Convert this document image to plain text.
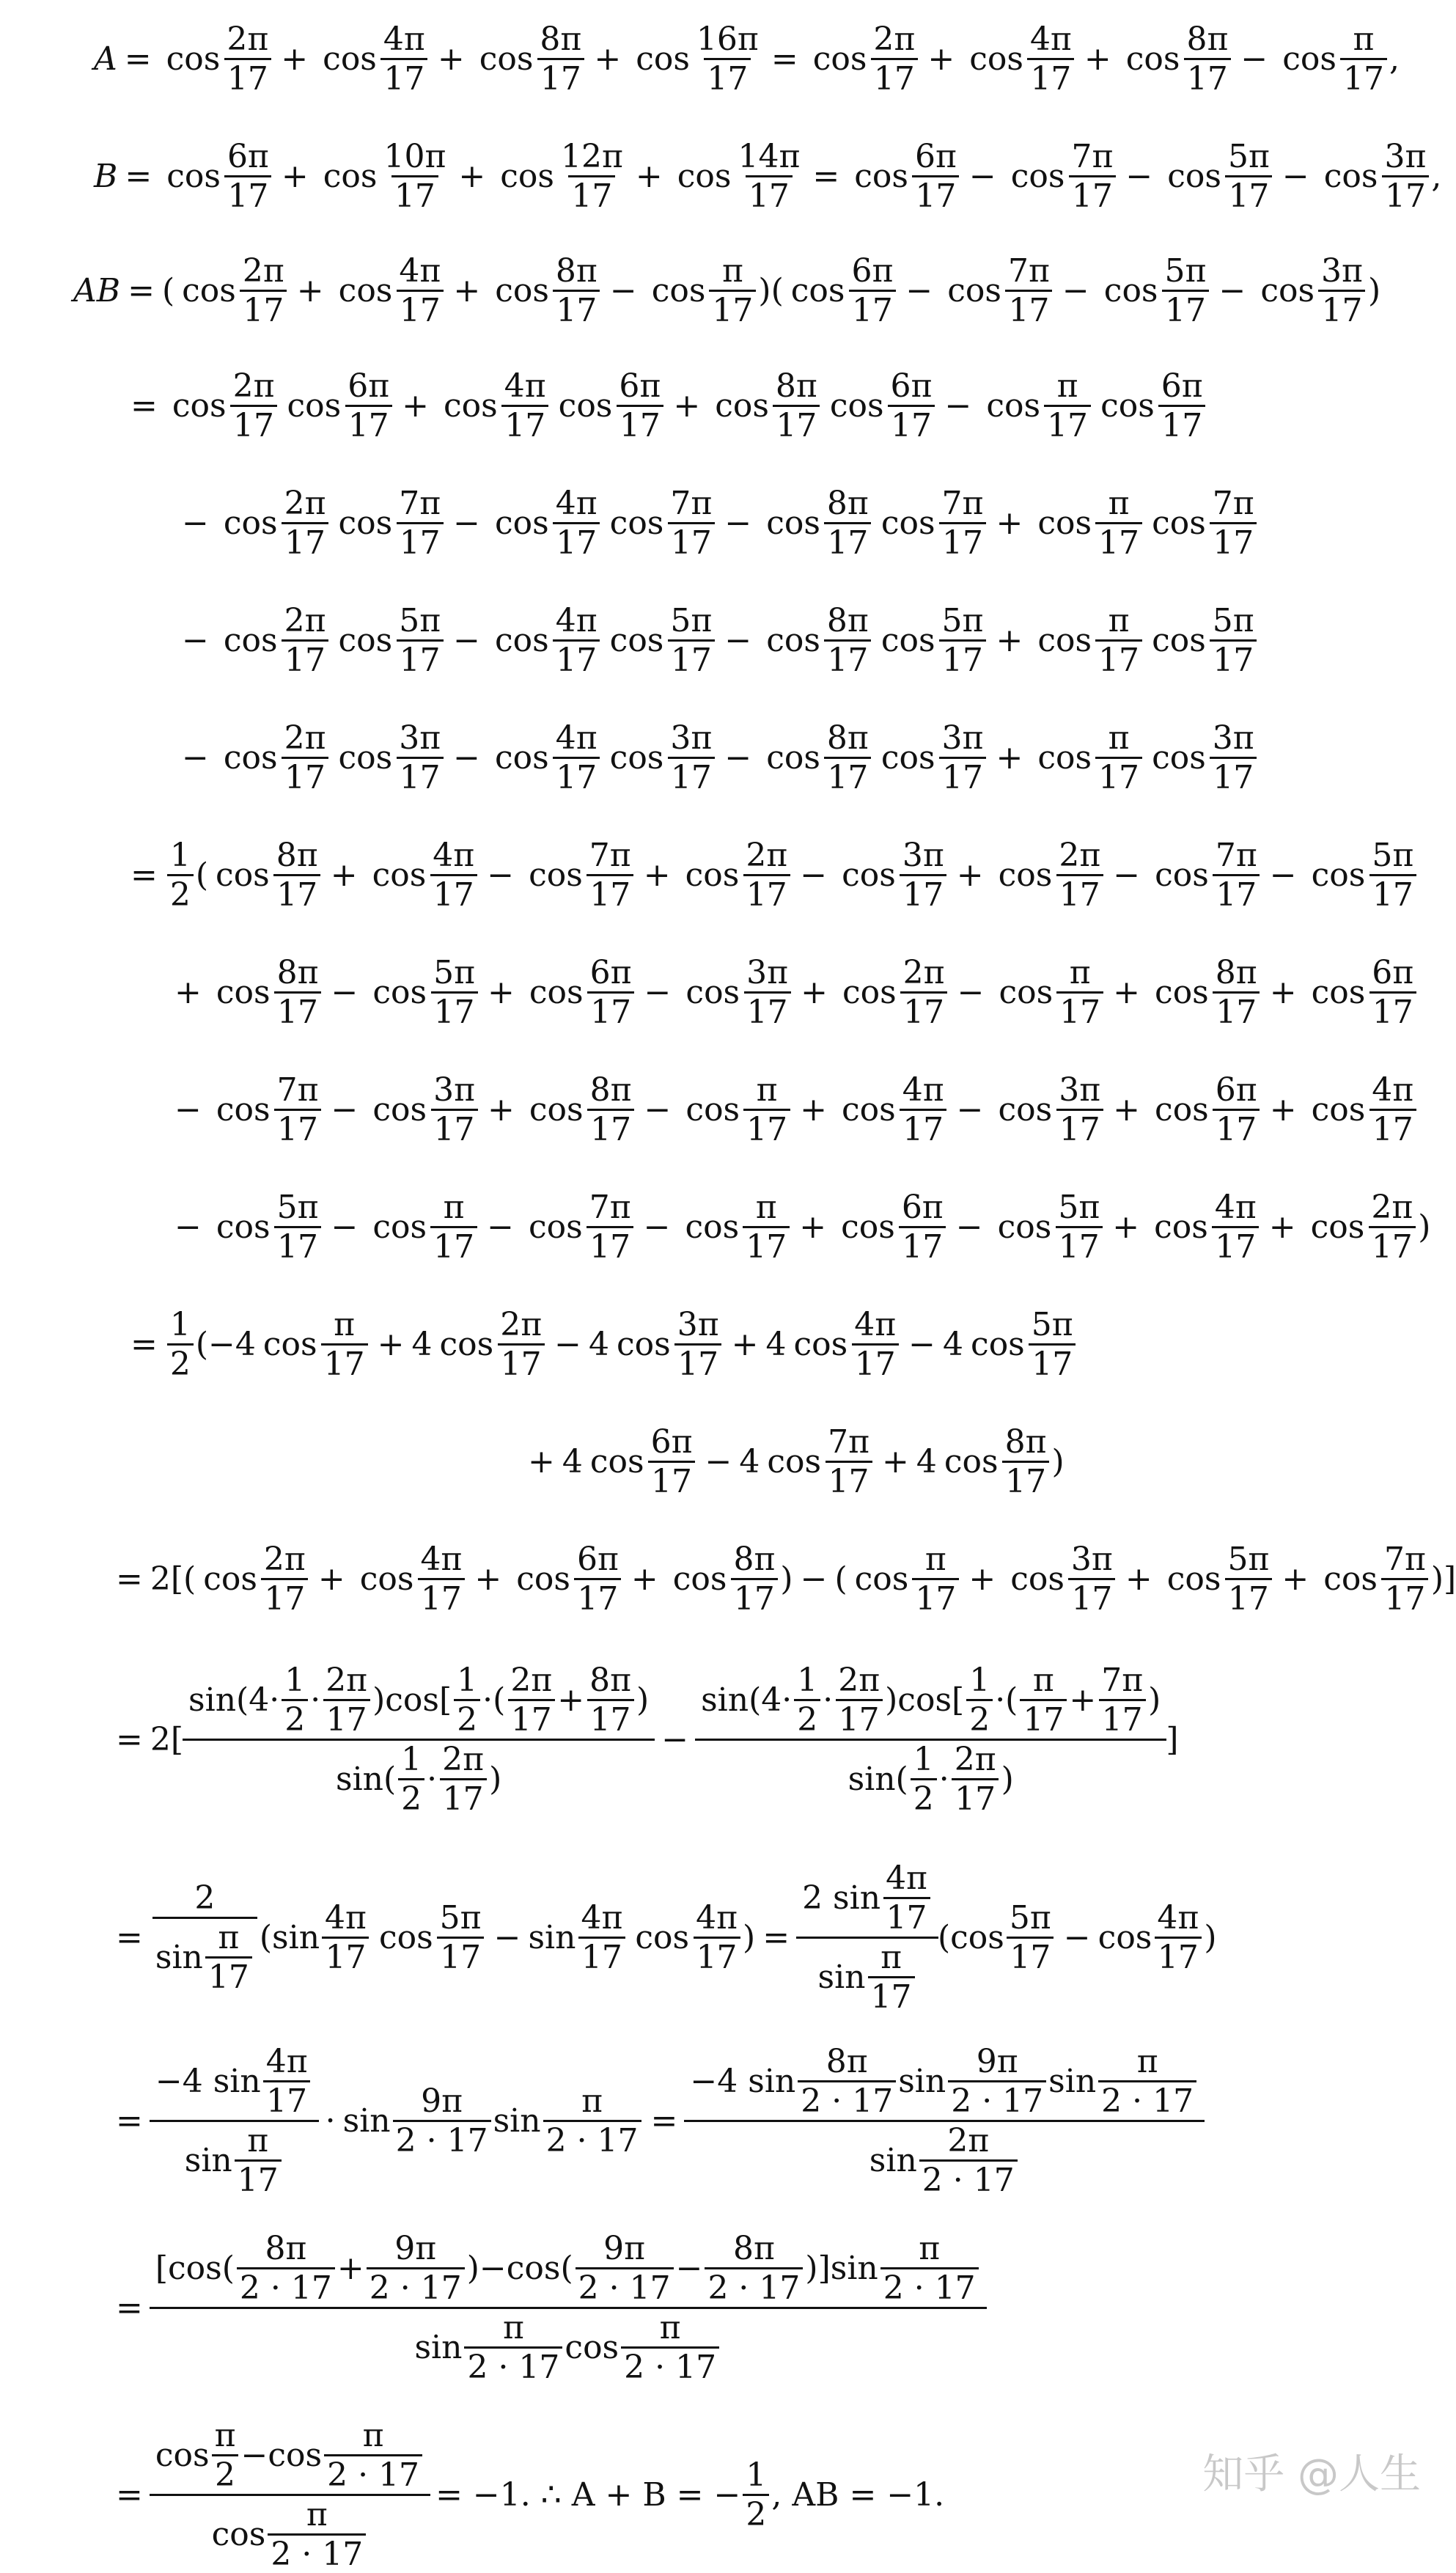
$A = \cos \frac{2\pi}{17} + \cos \frac{4\pi}{17} + \cos \frac{8\pi}{17} + \cos \frac{16\pi}{17} = \cos \frac{2\pi}{17} + \cos \frac{4\pi}{17} + \cos \frac{8\pi}{17} - \cos \frac{\pi}{17}$ ,
$B = \cos \frac{6\pi}{17} + \cos \frac{10\pi}{17} + \cos \frac{12\pi}{17} + \cos \frac{14\pi}{17} = \cos \frac{6\pi}{17} - \cos \frac{7\pi}{17} - \cos \frac{5\pi}{17} - \cos \frac{3\pi}{17}$ ,
AB = ( $\cos \frac{2\pi}{17} + \cos \frac{4\pi}{17} + \cos \frac{8\pi}{17} - \cos \frac{\pi}{17}$ ) ( $\cos \frac{6\pi}{17} - \cos \frac{7\pi}{17} - \cos \frac{5\pi}{17} - \cos \frac{3\pi}{17}$ )
= $\cos \frac{2\pi}{17}$ $\cos \frac{6\pi}{17} + \cos \frac{4\pi}{17}$ $\cos \frac{6\pi}{17} + \cos \frac{8\pi}{17}$ $\cos \frac{6\pi}{17} - \cos \frac{\pi}{17}$ $\cos \frac{6\pi}{17}$
− $\cos \frac{2\pi}{17}$ $\cos \frac{7\pi}{17} - \cos \frac{4\pi}{17}$ $\cos \frac{7\pi}{17} - \cos \frac{8\pi}{17}$ $\cos \frac{7\pi}{17} + \cos \frac{\pi}{17}$ $\cos \frac{7\pi}{17}$
− $\cos \frac{2\pi}{17}$ $\cos \frac{5\pi}{17} - \cos \frac{4\pi}{17}$ $\cos \frac{5\pi}{17} - \cos \frac{8\pi}{17}$ $\cos \frac{5\pi}{17} + \cos \frac{\pi}{17}$ $\cos \frac{5\pi}{17}$
− $\cos \frac{2\pi}{17}$ $\cos \frac{3\pi}{17} - \cos \frac{4\pi}{17}$ $\cos \frac{3\pi}{17} - \cos \frac{8\pi}{17}$ $\cos \frac{3\pi}{17} + \cos \frac{\pi}{17}$ $\cos \frac{3\pi}{17}$
= $\frac{1}{2}$ ( $\cos \frac{8\pi}{17} + \cos \frac{4\pi}{17} - \cos \frac{7\pi}{17} + \cos \frac{2\pi}{17} - \cos \frac{3\pi}{17} + \cos \frac{2\pi}{17} - \cos \frac{7\pi}{17} - \cos \frac{5\pi}{17}$
+ $\cos \frac{8\pi}{17} - \cos \frac{5\pi}{17} + \cos \frac{6\pi}{17} - \cos \frac{3\pi}{17} + \cos \frac{2\pi}{17} - \cos \frac{\pi}{17} + \cos \frac{8\pi}{17} + \cos \frac{6\pi}{17}$
− $\cos \frac{7\pi}{17} - \cos \frac{3\pi}{17} + \cos \frac{8\pi}{17} - \cos \frac{\pi}{17} + \cos \frac{4\pi}{17} - \cos \frac{3\pi}{17} + \cos \frac{6\pi}{17} + \cos \frac{4\pi}{17}$
− $\cos \frac{5\pi}{17} - \cos \frac{\pi}{17} - \cos \frac{7\pi}{17} - \cos \frac{\pi}{17} + \cos \frac{6\pi}{17} - \cos \frac{5\pi}{17} + \cos \frac{4\pi}{17} + \cos \frac{2\pi}{17}$ )
= $\frac{1}{2} (-4$ $\cos \frac{\pi}{17} + 4$ $\cos \frac{2\pi}{17} - 4$ $\cos \frac{3\pi}{17} + 4$ $\cos \frac{4\pi}{17} - 4$ $\cos \frac{5\pi}{17}$
+ 4 $\cos \frac{6\pi}{17} - 4$ $\cos \frac{7\pi}{17} + 4$ $\cos \frac{8\pi}{17}$ )
= 2[( $\cos \frac{2\pi}{17} + \cos \frac{4\pi}{17} + \cos \frac{6\pi}{17} + \cos \frac{8\pi}{17}$ ) − ( $\cos \frac{\pi}{17} + \cos \frac{3\pi}{17} + \cos \frac{5\pi}{17} + \cos \frac{7\pi}{17}$ )]
= $2[ \frac{\sin(4\cdot \frac{1}{2} \cdot \frac{2\pi}{17} )\cos[ \frac{1}{2} \cdot( \frac{2\pi}{17} + \frac{8\pi}{17} )}{\sin( \frac{1}{2} \cdot \frac{2\pi}{17} )} - \frac{\sin(4\cdot \frac{1}{2} \cdot \frac{2\pi}{17} )\cos[ \frac{1}{2} \cdot( \frac{\pi}{17} + \frac{7\pi}{17} )}{\sin( \frac{1}{2} \cdot \frac{2\pi}{17} )}$ ]
= $\frac{2}{\sin \frac{\pi}{17}} (\sin \frac{4\pi}{17}$ $\cos \frac{5\pi}{17} - \sin \frac{4\pi}{17}$ $\cos \frac{4\pi}{17}$ ) = $\frac{2 \sin \frac{4\pi}{17}}{\sin \frac{\pi}{17}} (\cos \frac{5\pi}{17} - \cos \frac{4\pi}{17}$ )
= $\frac{-4 \sin \frac{4\pi}{17}}{\sin \frac{\pi}{17}} \cdot \sin \frac{9\pi}{2 \cdot 17}$ $\sin \frac{\pi}{2 \cdot 17} = \frac{-4 \sin \frac{8\pi}{2 \cdot 17} \sin \frac{9\pi}{2 \cdot 17} \sin \frac{\pi}{2 \cdot 17}}{\sin \frac{2\pi}{2 \cdot 17}}$
= $\frac{[\cos( \frac{8\pi}{2 \cdot 17} + \frac{9\pi}{2 \cdot 17} )-\cos( \frac{9\pi}{2 \cdot 17} - \frac{8\pi}{2 \cdot 17} )]\sin \frac{\pi}{2 \cdot 17}}{\sin \frac{\pi}{2 \cdot 17} \cos \frac{\pi}{2 \cdot 17}}$
= $\frac{\cos \frac{\pi}{2} -\cos \frac{\pi}{2 \cdot 17}}{\cos \frac{\pi}{2 \cdot 17}} = -1$. ∴ A + B = − $\frac{1}{2}$ , AB = −1.	知乎 @人生
